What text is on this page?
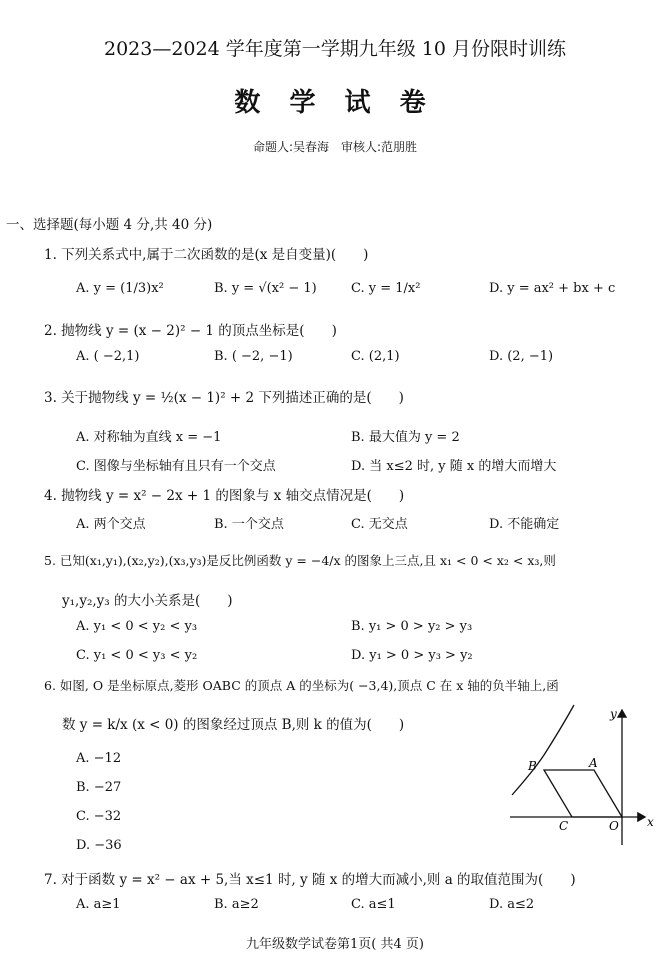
2023—2024 学年度第一学期九年级 10 月份限时训练
数 学 试 卷
命题人:吴春海　审核人:范朋胜
一、选择题(每小题 4 分,共 40 分)
1. 下列关系式中,属于二次函数的是(x 是自变量)(　　)
A. y = (1/3)x²	B. y = √(x² − 1)	C. y = 1/x²	D. y = ax² + bx + c
2. 抛物线 y = (x − 2)² − 1 的顶点坐标是(　　)
A. ( −2,1)	B. ( −2, −1)	C. (2,1)	D. (2, −1)
3. 关于抛物线 y = ½(x − 1)² + 2 下列描述正确的是(　　)
A. 对称轴为直线 x = −1	B. 最大值为 y = 2
C. 图像与坐标轴有且只有一个交点	D. 当 x≤2 时, y 随 x 的增大而增大
4. 抛物线 y = x² − 2x + 1 的图象与 x 轴交点情况是(　　)
A. 两个交点	B. 一个交点	C. 无交点	D. 不能确定
5. 已知(x₁,y₁),(x₂,y₂),(x₃,y₃)是反比例函数 y = −4/x 的图象上三点,且 x₁ < 0 < x₂ < x₃,则
y₁,y₂,y₃ 的大小关系是(　　)
A. y₁ < 0 < y₂ < y₃	B. y₁ > 0 > y₂ > y₃
C. y₁ < 0 < y₃ < y₂	D. y₁ > 0 > y₃ > y₂
6. 如图, O 是坐标原点,菱形 OABC 的顶点 A 的坐标为( −3,4),顶点 C 在 x 轴的负半轴上,函
数 y = k/x (x < 0) 的图象经过顶点 B,则 k 的值为(　　)
A. −12
B. −27
C. −32
D. −36
y
x
B	A
C	O
7. 对于函数 y = x² − ax + 5,当 x≤1 时, y 随 x 的增大而减小,则 a 的取值范围为(　　)
A. a≥1	B. a≥2	C. a≤1	D. a≤2
九年级数学试卷第1页( 共4 页)
